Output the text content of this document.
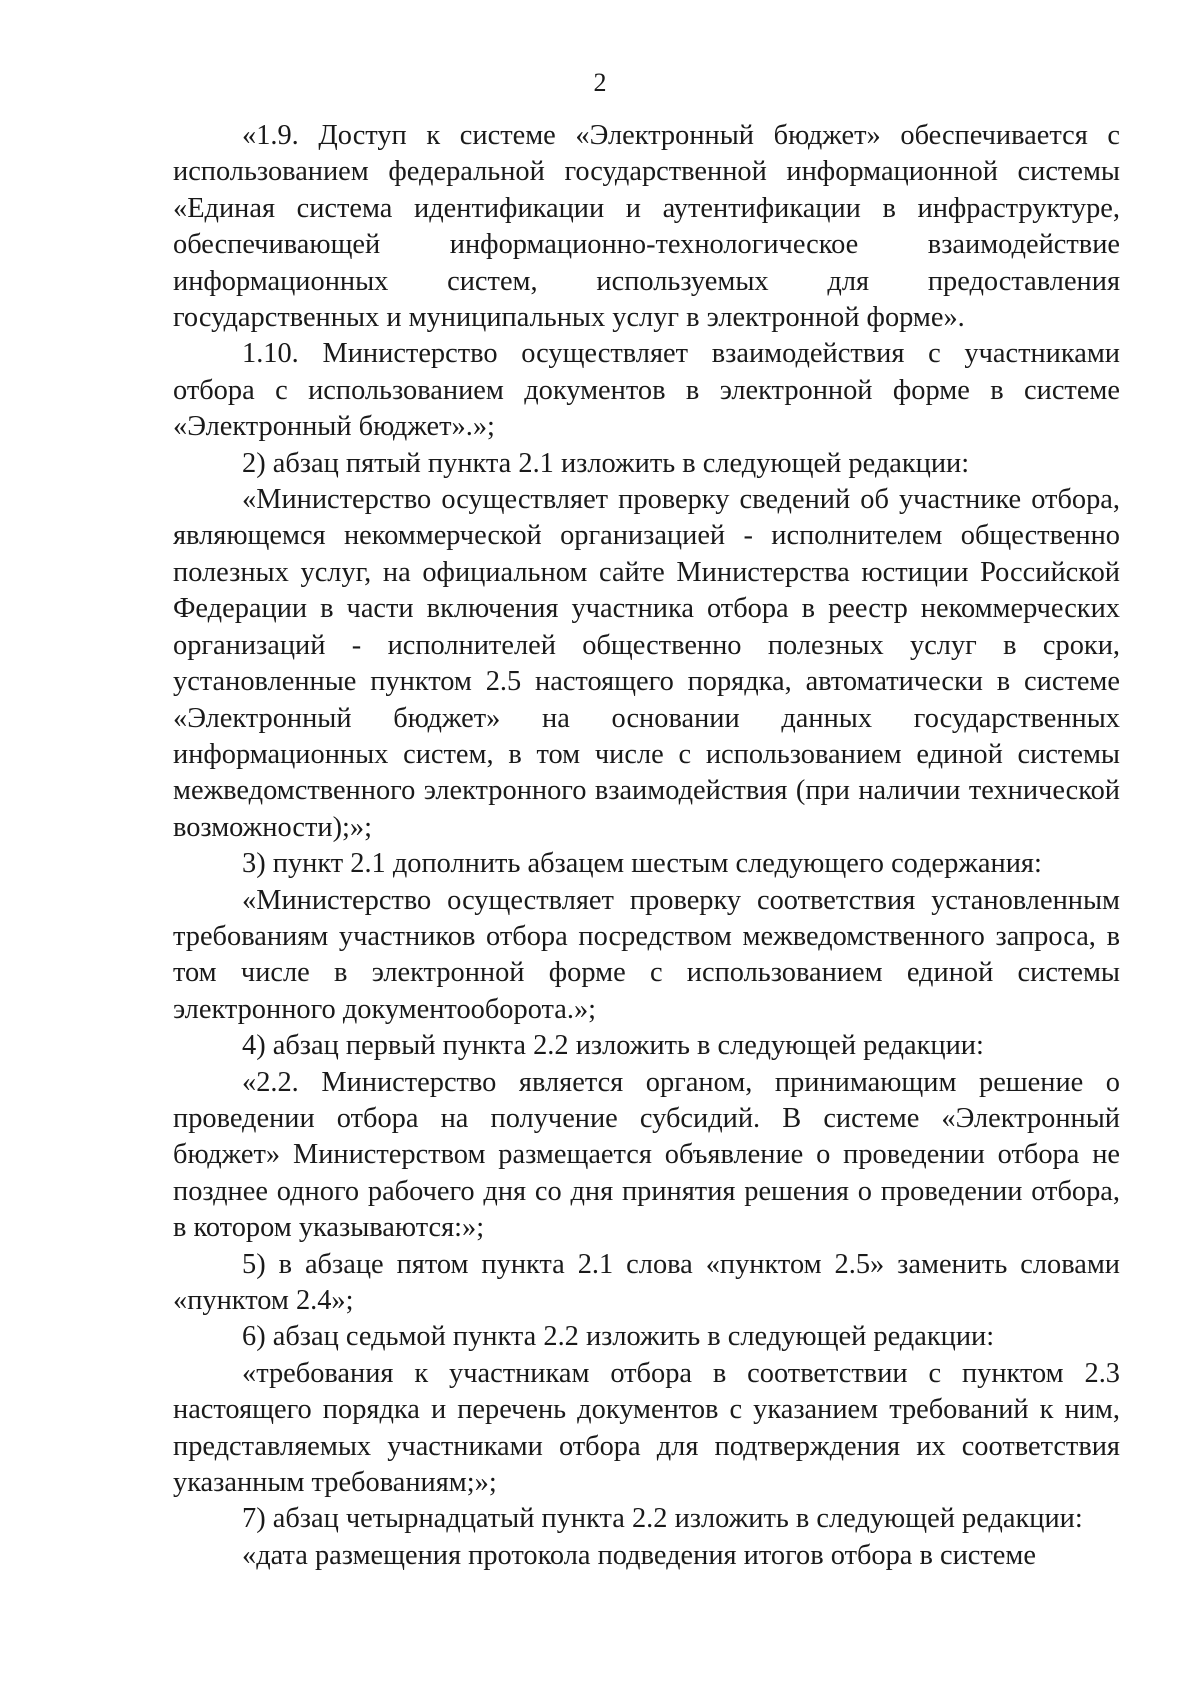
2

«1.9. Доступ к системе «Электронный бюджет» обеспечивается с использованием федеральной государственной информационной системы «Единая система идентификации и аутентификации в инфраструктуре, обеспечивающей информационно-технологическое взаимодействие информационных систем, используемых для предоставления государственных и муниципальных услуг в электронной форме».

1.10. Министерство осуществляет взаимодействия с участниками отбора с использованием документов в электронной форме в системе «Электронный бюджет».»;

2) абзац пятый пункта 2.1 изложить в следующей редакции:

«Министерство осуществляет проверку сведений об участнике отбора, являющемся некоммерческой организацией - исполнителем общественно полезных услуг, на официальном сайте Министерства юстиции Российской Федерации в части включения участника отбора в реестр некоммерческих организаций - исполнителей общественно полезных услуг в сроки, установленные пунктом 2.5 настоящего порядка, автоматически в системе «Электронный бюджет» на основании данных государственных информационных систем, в том числе с использованием единой системы межведомственного электронного взаимодействия (при наличии технической возможности);»;

3) пункт 2.1 дополнить абзацем шестым следующего содержания:

«Министерство осуществляет проверку соответствия установленным требованиям участников отбора посредством межведомственного запроса, в том числе в электронной форме с использованием единой системы электронного документооборота.»;

4) абзац первый пункта 2.2 изложить в следующей редакции:

«2.2. Министерство является органом, принимающим решение о проведении отбора на получение субсидий. В системе «Электронный бюджет» Министерством размещается объявление о проведении отбора не позднее одного рабочего дня со дня принятия решения о проведении отбора, в котором указываются:»;

5) в абзаце пятом пункта 2.1 слова «пунктом 2.5» заменить словами «пунктом 2.4»;

6) абзац седьмой пункта 2.2 изложить в следующей редакции:

«требования к участникам отбора в соответствии с пунктом 2.3 настоящего порядка и перечень документов с указанием требований к ним, представляемых участниками отбора для подтверждения их соответствия указанным требованиям;»;

7) абзац четырнадцатый пункта 2.2 изложить в следующей редакции:

«дата размещения протокола подведения итогов отбора в системе
